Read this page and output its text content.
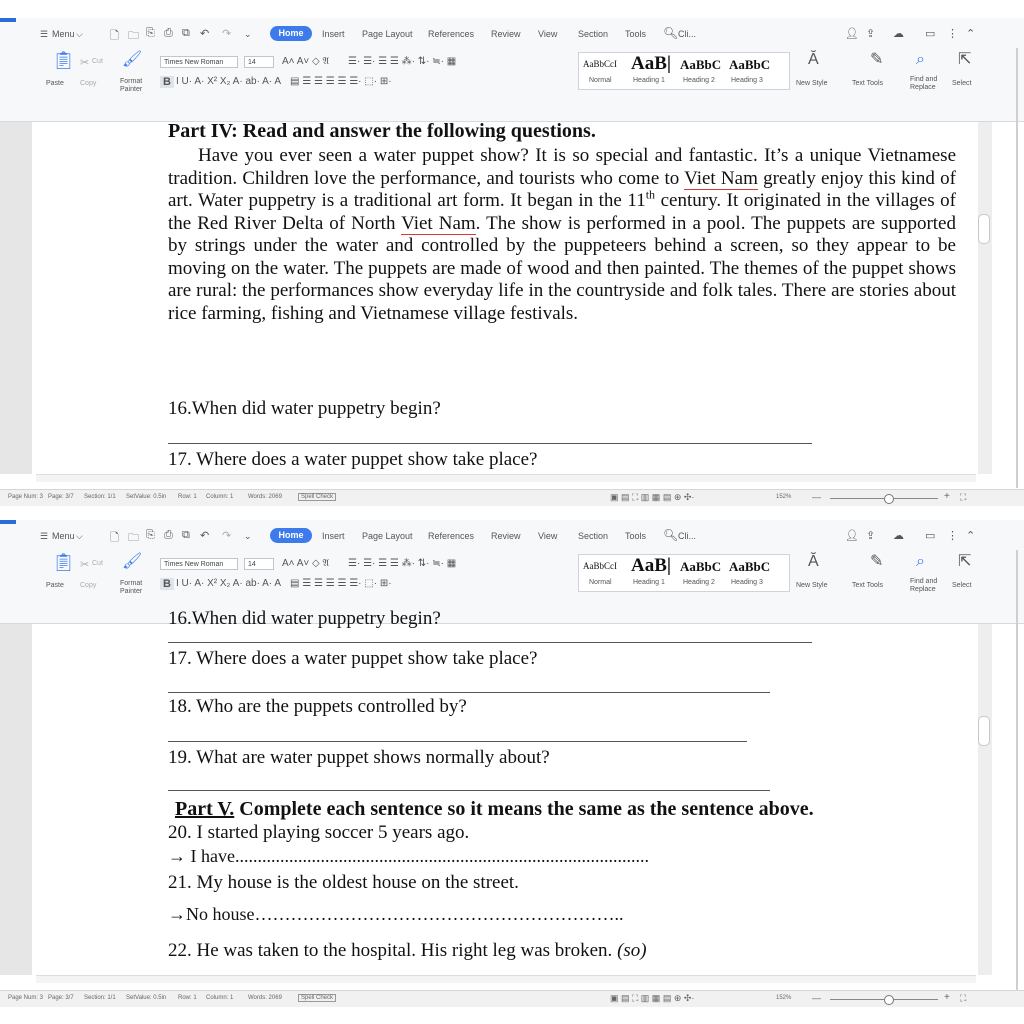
☰ Menu ⌵ 🗋 🗀 ⎘ ⎙ ⧉ ↶ ↷ ⌄	Home	Insert Page Layout References Review View Section Tools 🔍︎ Cli...	👤︎ ⇪ ☁ ▭ ⋮ ⌃
📋︎
Paste
✂ Cut
Copy
🖌︎
Format
Painter
Times New Roman	14	A˄ A˅ ◇ 𝔄 ☰· ☰· ☰ ☰ ⁂· ⇅· ≒· ▦
B I U· A· X² X₂ A· ab· A· A ▤ ☰ ☰ ☰ ☰ ☰· ⬚· ⊞·
AaBbCcI
Normal
AaB|
Heading 1
AaBbC
Heading 2
AaBbC
Heading 3
Ă
New Style
✎
Text Tools
⌕
Find and
Replace
⇱
Select
Part IV: Read and answer the following questions.
Have you ever seen a water puppet show? It is so special and fantastic. It’s a unique Vietnamese tradition. Children love the performance, and tourists who come to Viet Nam greatly enjoy this kind of art. Water puppetry is a traditional art form. It began in the 11th century. It originated in the villages of the Red River Delta of North Viet Nam. The show is performed in a pool. The puppets are supported by strings under the water and controlled by the puppeteers behind a screen, so they appear to be moving on the water. The puppets are made of wood and then painted. The themes of the puppet shows are rural: the performances show everyday life in the countryside and folk tales. There are stories about rice farming, fishing and Vietnamese village festivals.
16.When did water puppetry begin?
17. Where does a water puppet show take place?
Page Num: 3 Page: 3/7 Section: 1/1 SetValue: 0.5in Row: 1 Column: 1 Words: 2069	Spell Check	▣ ▤ ⛶ ▥ ▦ ▤ ⊕ ✣·	152% —	+ ⛶
☰ Menu ⌵ 🗋 🗀 ⎘ ⎙ ⧉ ↶ ↷ ⌄	Home	Insert Page Layout References Review View Section Tools 🔍︎ Cli...	👤︎ ⇪ ☁ ▭ ⋮ ⌃
📋︎
Paste
✂ Cut
Copy
🖌︎
Format
Painter
Times New Roman	14	A˄ A˅ ◇ 𝔄 ☰· ☰· ☰ ☰ ⁂· ⇅· ≒· ▦
B I U· A· X² X₂ A· ab· A· A ▤ ☰ ☰ ☰ ☰ ☰· ⬚· ⊞·
AaBbCcI
Normal
AaB|
Heading 1
AaBbC
Heading 2
AaBbC
Heading 3
Ă
New Style
✎
Text Tools
⌕
Find and
Replace
⇱
Select
16.When did water puppetry begin?
17. Where does a water puppet show take place?
18. Who are the puppets controlled by?
19. What are water puppet shows normally about?
Part V. Complete each sentence so it means the same as the sentence above.
20. I started playing soccer 5 years ago.
→ I have............................................................................................
21. My house is the oldest house on the street.
→No house……………………………………………………..
22. He was taken to the hospital. His right leg was broken. (so)
Page Num: 3 Page: 3/7 Section: 1/1 SetValue: 0.5in Row: 1 Column: 1 Words: 2069	Spell Check	▣ ▤ ⛶ ▥ ▦ ▤ ⊕ ✣·	152% —	+ ⛶
